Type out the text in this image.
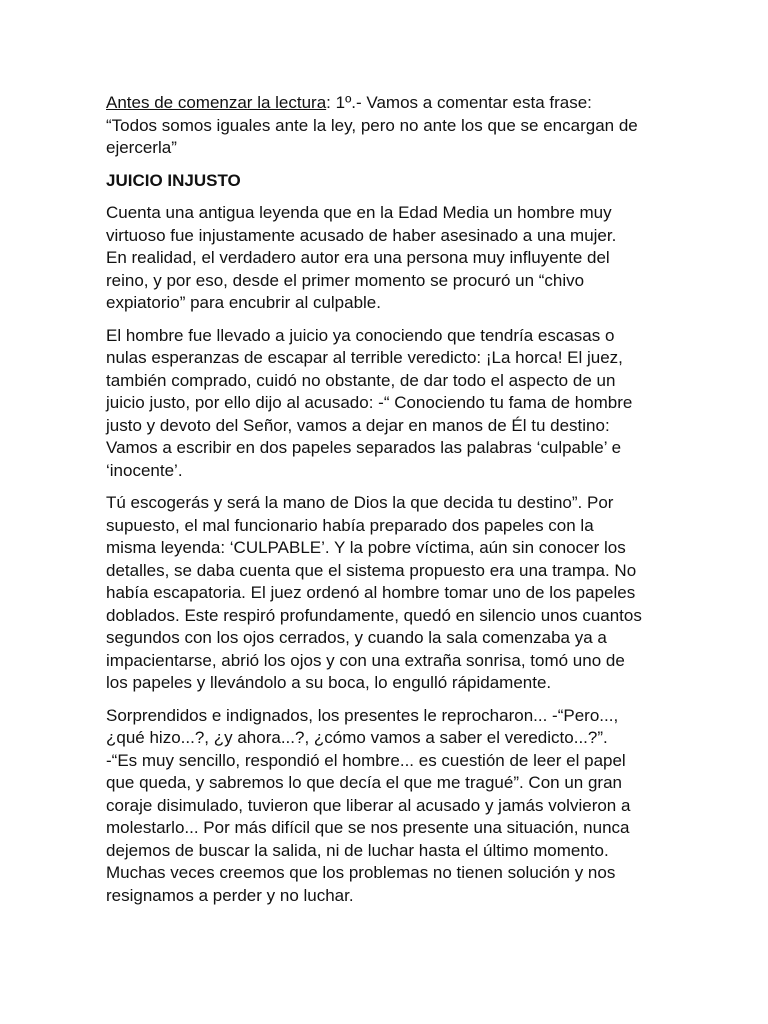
Antes de comenzar la lectura: 1º.- Vamos a comentar esta frase:
“Todos somos iguales ante la ley, pero no ante los que se encargan de
ejercerla”

JUICIO INJUSTO

Cuenta una antigua leyenda que en la Edad Media un hombre muy
virtuoso fue injustamente acusado de haber asesinado a una mujer.
En realidad, el verdadero autor era una persona muy influyente del
reino, y por eso, desde el primer momento se procuró un “chivo
expiatorio” para encubrir al culpable.

El hombre fue llevado a juicio ya conociendo que tendría escasas o
nulas esperanzas de escapar al terrible veredicto: ¡La horca! El juez,
también comprado, cuidó no obstante, de dar todo el aspecto de un
juicio justo, por ello dijo al acusado: -“ Conociendo tu fama de hombre
justo y devoto del Señor, vamos a dejar en manos de Él tu destino:
Vamos a escribir en dos papeles separados las palabras ‘culpable’ e
‘inocente’.

Tú escogerás y será la mano de Dios la que decida tu destino”. Por
supuesto, el mal funcionario había preparado dos papeles con la
misma leyenda: ‘CULPABLE’. Y la pobre víctima, aún sin conocer los
detalles, se daba cuenta que el sistema propuesto era una trampa. No
había escapatoria. El juez ordenó al hombre tomar uno de los papeles
doblados. Este respiró profundamente, quedó en silencio unos cuantos
segundos con los ojos cerrados, y cuando la sala comenzaba ya a
impacientarse, abrió los ojos y con una extraña sonrisa, tomó uno de
los papeles y llevándolo a su boca, lo engulló rápidamente.

Sorprendidos e indignados, los presentes le reprocharon... -“Pero...,
¿qué hizo...?, ¿y ahora...?, ¿cómo vamos a saber el veredicto...?”.
-“Es muy sencillo, respondió el hombre... es cuestión de leer el papel
que queda, y sabremos lo que decía el que me tragué”. Con un gran
coraje disimulado, tuvieron que liberar al acusado y jamás volvieron a
molestarlo... Por más difícil que se nos presente una situación, nunca
dejemos de buscar la salida, ni de luchar hasta el último momento.
Muchas veces creemos que los problemas no tienen solución y nos
resignamos a perder y no luchar.
